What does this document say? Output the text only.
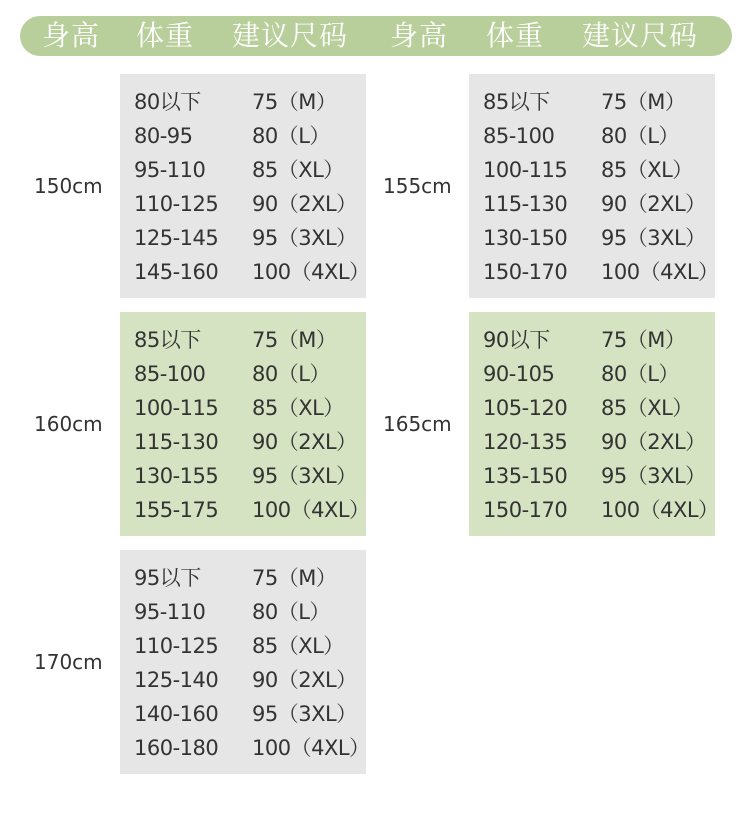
身高 体重 建议尺码 身高 体重 建议尺码
150cm
80以下 75（M）
80-95	80（L）
95-110 85（XL）
110-125 90（2XL）
125-145 95（3XL）
145-160 100（4XL）
155cm
85以下 75（M）
85-100 80（L）
100-115 85（XL）
115-130 90（2XL）
130-150 95（3XL）
150-170 100（4XL）
160cm
85以下 75（M）
85-100 80（L）
100-115 85（XL）
115-130 90（2XL）
130-155 95（3XL）
155-175 100（4XL）
165cm
90以下 75（M）
90-105 80（L）
105-120 85（XL）
120-135 90（2XL）
135-150 95（3XL）
150-170 100（4XL）
170cm
95以下 75（M）
95-110 80（L）
110-125 85（XL）
125-140 90（2XL）
140-160 95（3XL）
160-180 100（4XL）
